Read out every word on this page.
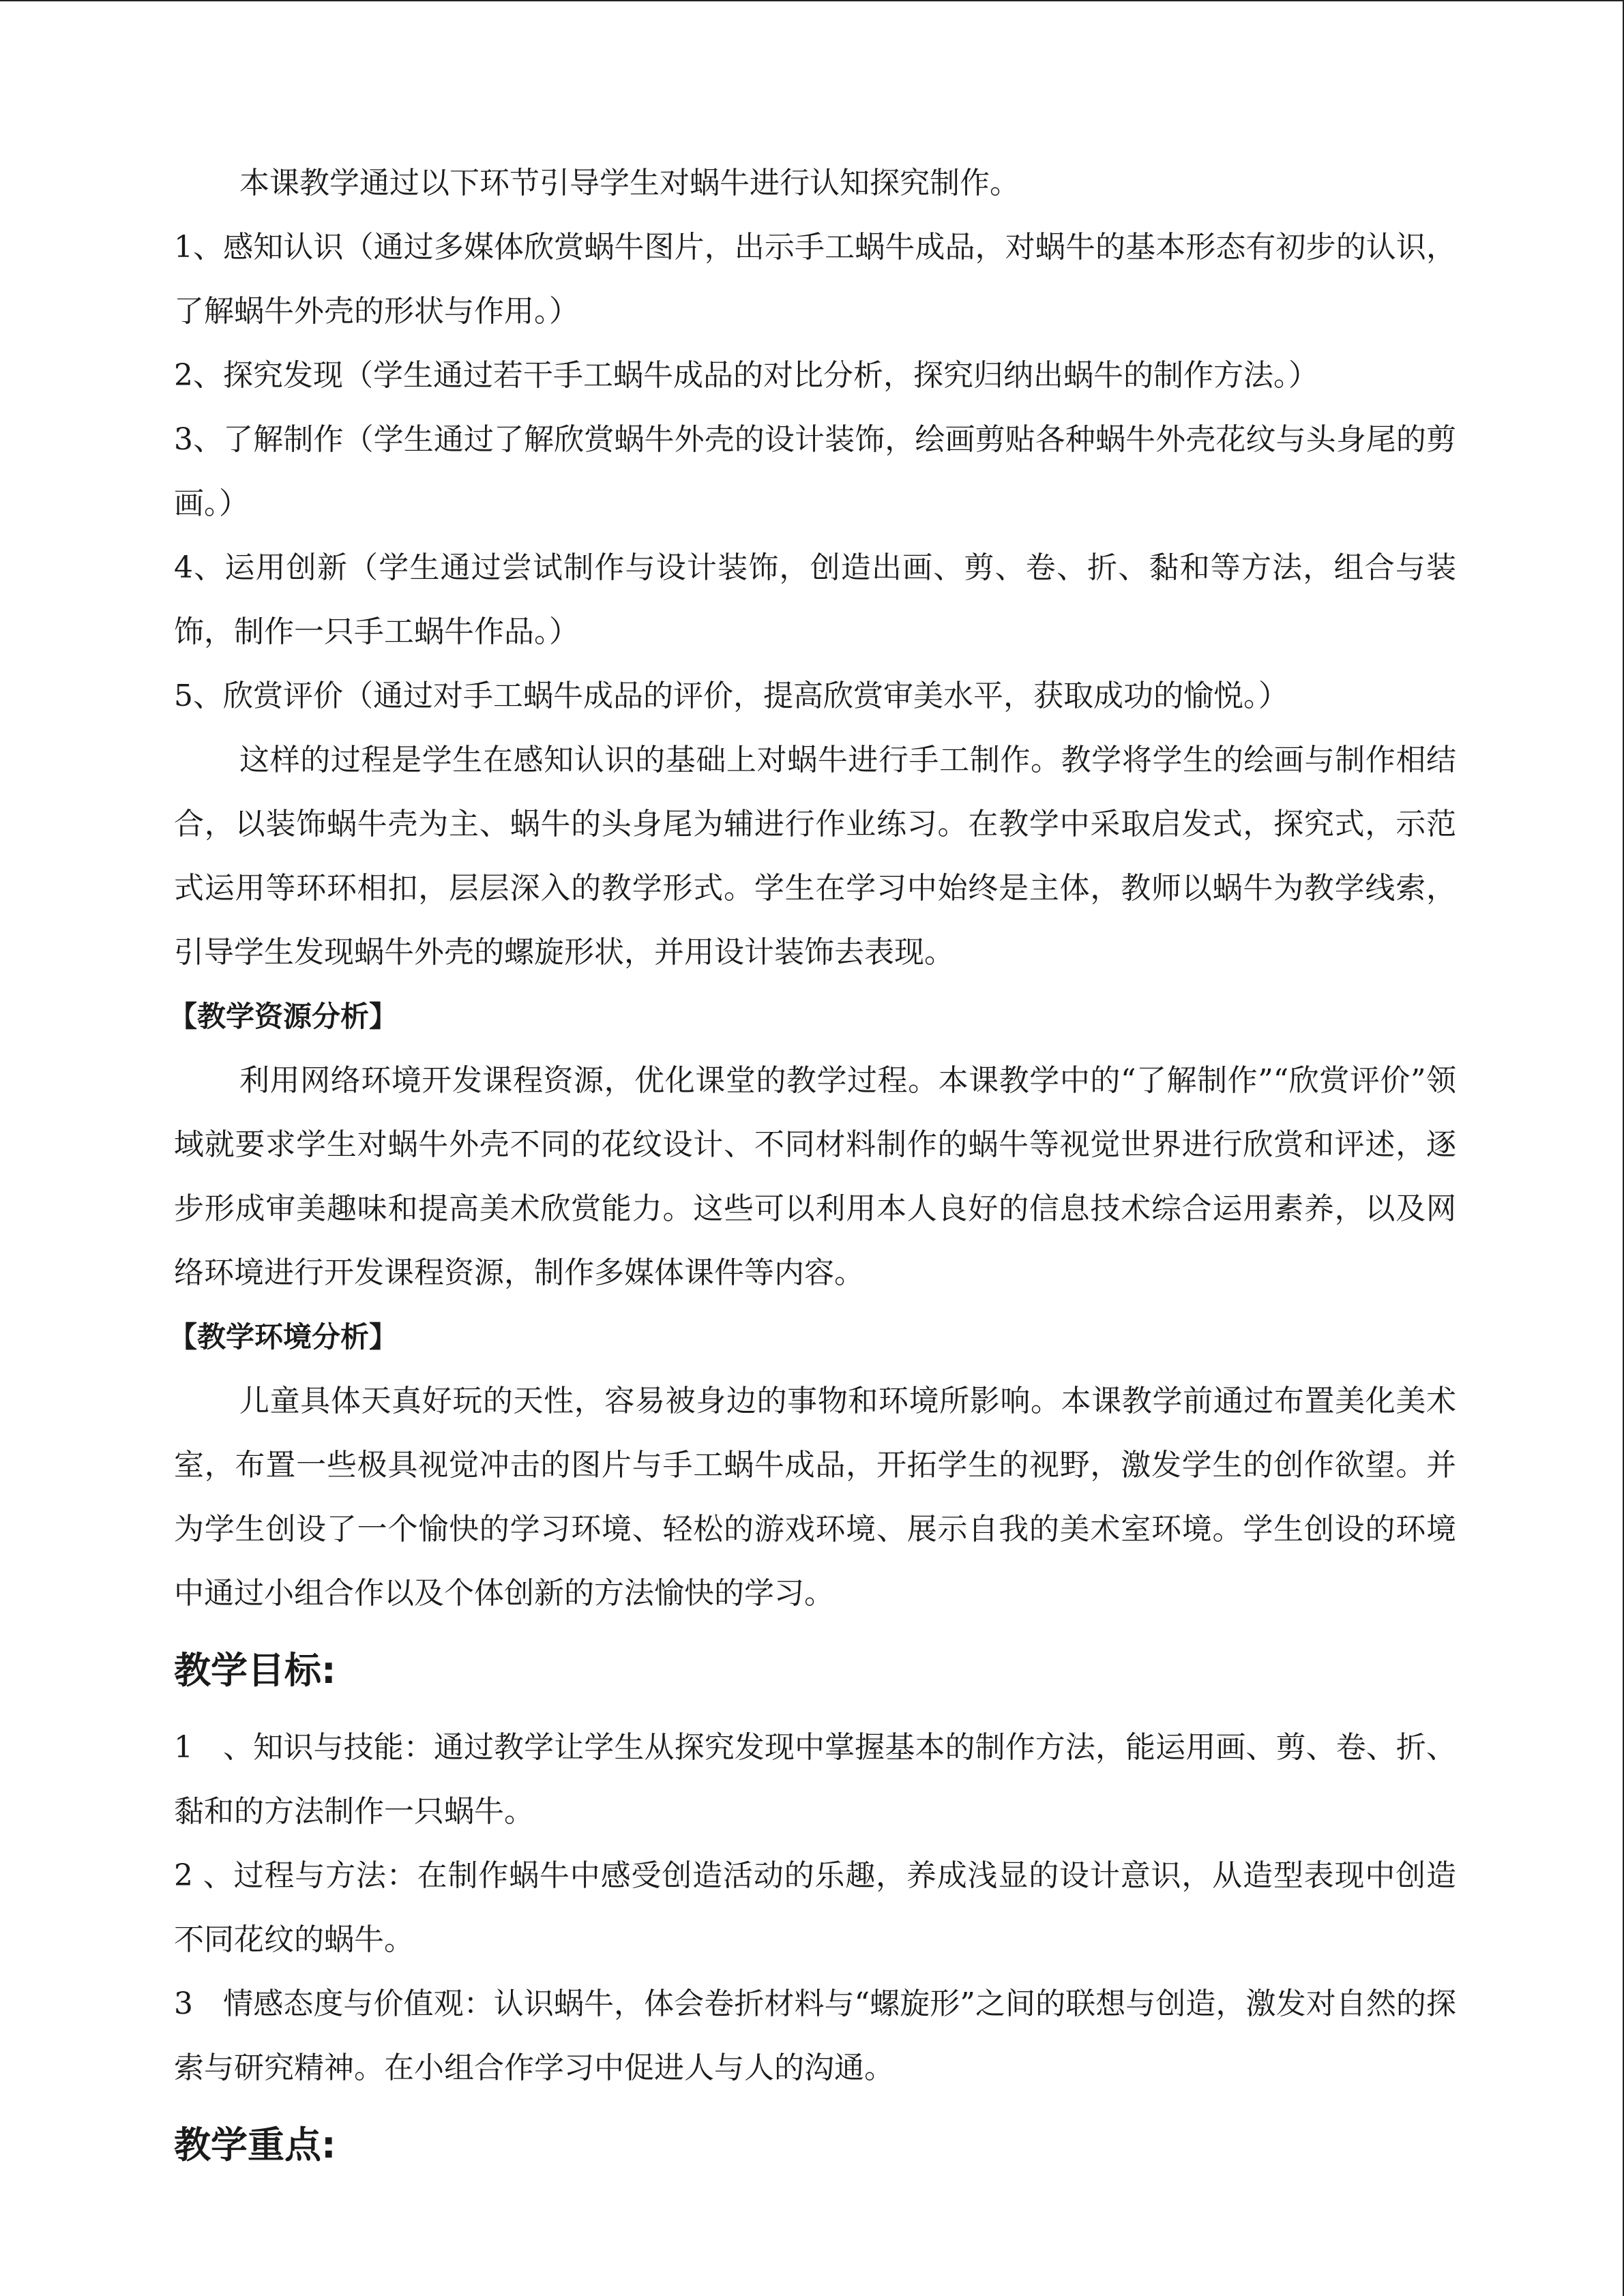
本课教学通过以下环节引导学生对蜗牛进行认知探究制作。

1、感知认识（通过多媒体欣赏蜗牛图片，出示手工蜗牛成品，对蜗牛的基本形态有初步的认识，了解蜗牛外壳的形状与作用。）

2、探究发现（学生通过若干手工蜗牛成品的对比分析，探究归纳出蜗牛的制作方法。）

3、了解制作（学生通过了解欣赏蜗牛外壳的设计装饰，绘画剪贴各种蜗牛外壳花纹与头身尾的剪画。）

4、运用创新（学生通过尝试制作与设计装饰，创造出画、剪、卷、折、黏和等方法，组合与装饰，制作一只手工蜗牛作品。）

5、欣赏评价（通过对手工蜗牛成品的评价，提高欣赏审美水平，获取成功的愉悦。）

这样的过程是学生在感知认识的基础上对蜗牛进行手工制作。教学将学生的绘画与制作相结合，以装饰蜗牛壳为主、蜗牛的头身尾为辅进行作业练习。在教学中采取启发式，探究式，示范式运用等环环相扣，层层深入的教学形式。学生在学习中始终是主体，教师以蜗牛为教学线索，引导学生发现蜗牛外壳的螺旋形状，并用设计装饰去表现。

【教学资源分析】

利用网络环境开发课程资源，优化课堂的教学过程。本课教学中的“了解制作”“欣赏评价”领域就要求学生对蜗牛外壳不同的花纹设计、不同材料制作的蜗牛等视觉世界进行欣赏和评述，逐步形成审美趣味和提高美术欣赏能力。这些可以利用本人良好的信息技术综合运用素养，以及网络环境进行开发课程资源，制作多媒体课件等内容。

【教学环境分析】

儿童具体天真好玩的天性，容易被身边的事物和环境所影响。本课教学前通过布置美化美术室，布置一些极具视觉冲击的图片与手工蜗牛成品，开拓学生的视野，激发学生的创作欲望。并为学生创设了一个愉快的学习环境、轻松的游戏环境、展示自我的美术室环境。学生创设的环境中通过小组合作以及个体创新的方法愉快的学习。

教学目标:

1　、知识与技能：通过教学让学生从探究发现中掌握基本的制作方法，能运用画、剪、卷、折、黏和的方法制作一只蜗牛。

2 、过程与方法：在制作蜗牛中感受创造活动的乐趣，养成浅显的设计意识，从造型表现中创造不同花纹的蜗牛。

3　情感态度与价值观：认识蜗牛，体会卷折材料与“螺旋形”之间的联想与创造，激发对自然的探索与研究精神。在小组合作学习中促进人与人的沟通。

教学重点:
